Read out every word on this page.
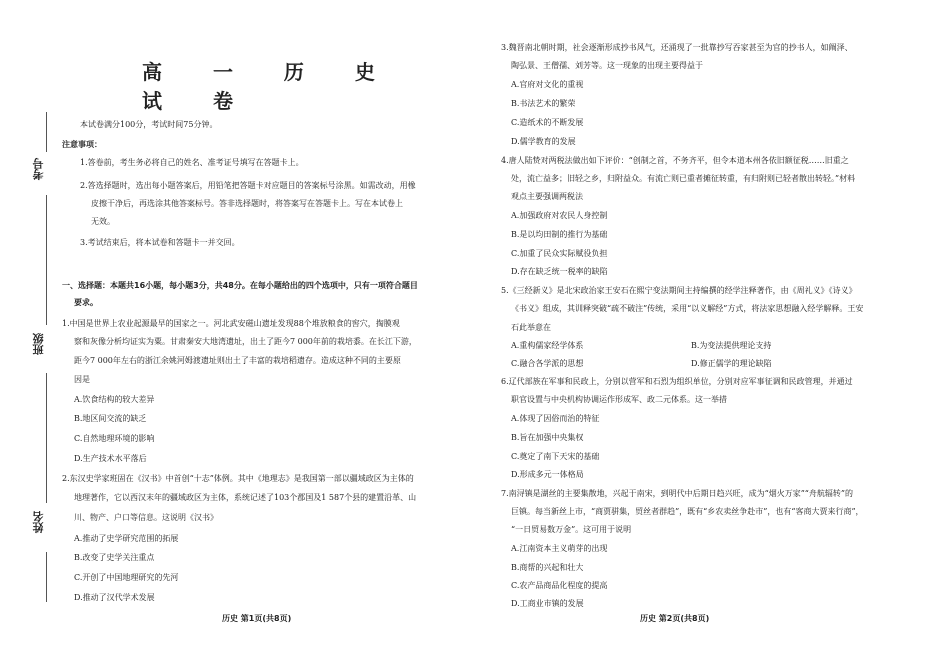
高 一 历 史 试 卷
考号
班级
姓名

本试卷满分100分，考试时间75分钟。

注意事项：

1.答卷前，考生务必将自己的姓名、准考证号填写在答题卡上。

2.答选择题时，选出每小题答案后，用铅笔把答题卡对应题目的答案标号涂黑。如需改动，用橡

皮擦干净后，再选涂其他答案标号。答非选择题时，将答案写在答题卡上。写在本试卷上

无效。

3.考试结束后，将本试卷和答题卡一并交回。

一、选择题：本题共16小题，每小题3分，共48分。在每小题给出的四个选项中，只有一项符合题目

要求。

1.中国是世界上农业起源最早的国家之一。河北武安磁山遗址发现88个堆放粮食的窖穴，掏膜观

察和灰像分析均证实为粟。甘肃秦安大地湾遗址，出土了距今7 000年前的栽培黍。在长江下游，

距今7 000年左右的浙江余姚河姆渡遗址则出土了丰富的栽培稻遗存。造成这种不同的主要原

因是

A.饮食结构的较大差异

B.地区间交流的缺乏

C.自然地理环境的影响

D.生产技术水平落后

2.东汉史学家班固在《汉书》中首创“十志”体例。其中《地理志》是我国第一部以疆域政区为主体的

地理著作，它以西汉末年的疆域政区为主体，系统记述了103个郡国及1 587个县的建置沿革、山

川、物产、户口等信息。这说明《汉书》

A.推动了史学研究范围的拓展

B.改变了史学关注重点

C.开创了中国地理研究的先河

D.推动了汉代学术发展

历史 第1页(共8页)

3.魏晋南北朝时期，社会逐渐形成抄书风气，还涌现了一批靠抄写吞家甚至为官的抄书人，如阚泽、

陶弘景、王僧孺、刘芳等。这一现象的出现主要得益于

A.官府对文化的重视

B.书法艺术的繁荣

C.造纸术的不断发展

D.儒学教育的发展

4.唐人陆贽对两税法做出如下评价：“创制之首，不务齐平，但令本道本州各依旧额征税……旧重之

处，流亡益多；旧轻之乡，归附益众。有流亡则已重者摊征转重，有归附则已轻者散出转轻。”材料

观点主要强调两税法

A.加强政府对农民人身控制

B.是以均田制的推行为基础

C.加重了民众实际赋役负担

D.存在缺乏统一税率的缺陷

5.《三经新义》是北宋政治家王安石在熙宁变法期间主持编撰的经学注释著作，由《周礼义》《诗义》

《书义》组成，其训释突破“疏不破注”传统，采用“以义解经”方式，将法家思想融入经学解释。王安

石此举意在

A.重构儒家经学体系	B.为变法提供理论支持

C.融合各学派的思想	D.修正儒学的理论缺陷

6.辽代部族在军事和民政上，分别以营军和石烈为组织单位，分别对应军事征调和民政管理，并通过

职官设置与中央机构协调运作形成军、政二元体系。这一举措

A.体现了因俗而治的特征

B.旨在加强中央集权

C.奠定了南下天宋的基础

D.形成多元一体格局

7.南浔镇是湖丝的主要集散地，兴起于南宋，到明代中后期日趋兴旺，成为“烟火万家”“舟航辐转”的

巨镇。每当新丝上市，“商贾骈集，贸丝者群趋”，既有“乡农卖丝争赴市”，也有“客商大贾来行商”，

“一日贸易数万金”。这可用于说明

A.江南资本主义萌芽的出现

B.商帮的兴起和壮大

C.农产品商品化程度的提高

D.工商业市镇的发展

历史 第2页(共8页)
